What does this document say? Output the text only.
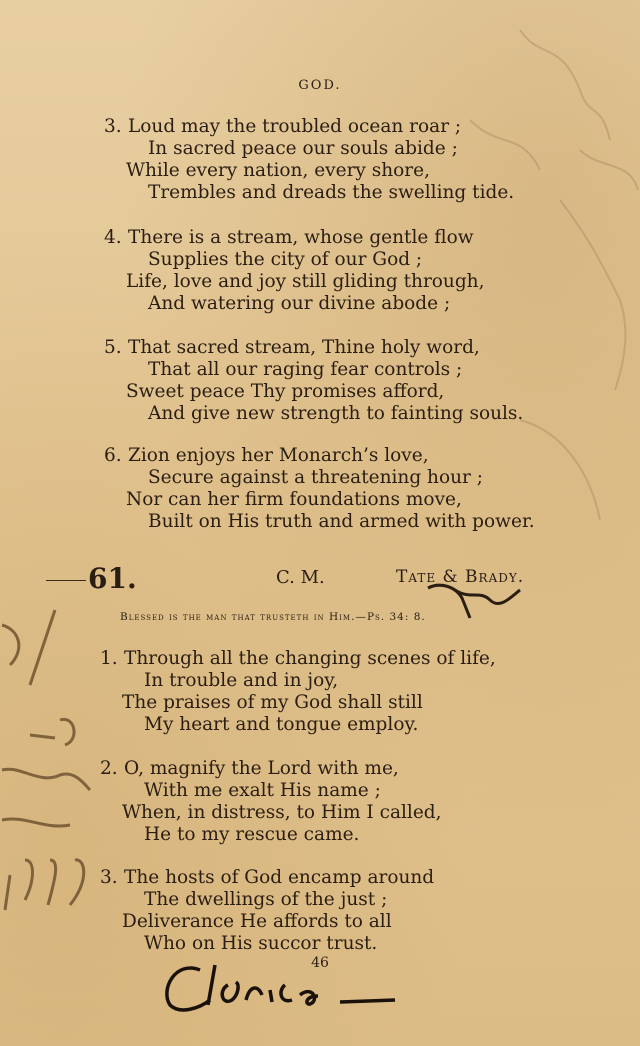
GOD.
3. Loud may the troubled ocean roar ;
In sacred peace our souls abide ;
While every nation, every shore,
Trembles and dreads the swelling tide.
4. There is a stream, whose gentle flow
Supplies the city of our God ;
Life, love and joy still gliding through,
And watering our divine abode ;
5. That sacred stream, Thine holy word,
That all our raging fear controls ;
Sweet peace Thy promises afford,
And give new strength to fainting souls.
6. Zion enjoys her Monarch’s love,
Secure against a threatening hour ;
Nor can her firm foundations move,
Built on His truth and armed with power.
61.	C. M.	Tate & Brady.
Blessed is the man that trusteth in Him.—Ps. 34: 8.
1. Through all the changing scenes of life,
In trouble and in joy,
The praises of my God shall still
My heart and tongue employ.
2. O, magnify the Lord with me,
With me exalt His name ;
When, in distress, to Him I called,
He to my rescue came.
3. The hosts of God encamp around
The dwellings of the just ;
Deliverance He affords to all
Who on His succor trust.
46
